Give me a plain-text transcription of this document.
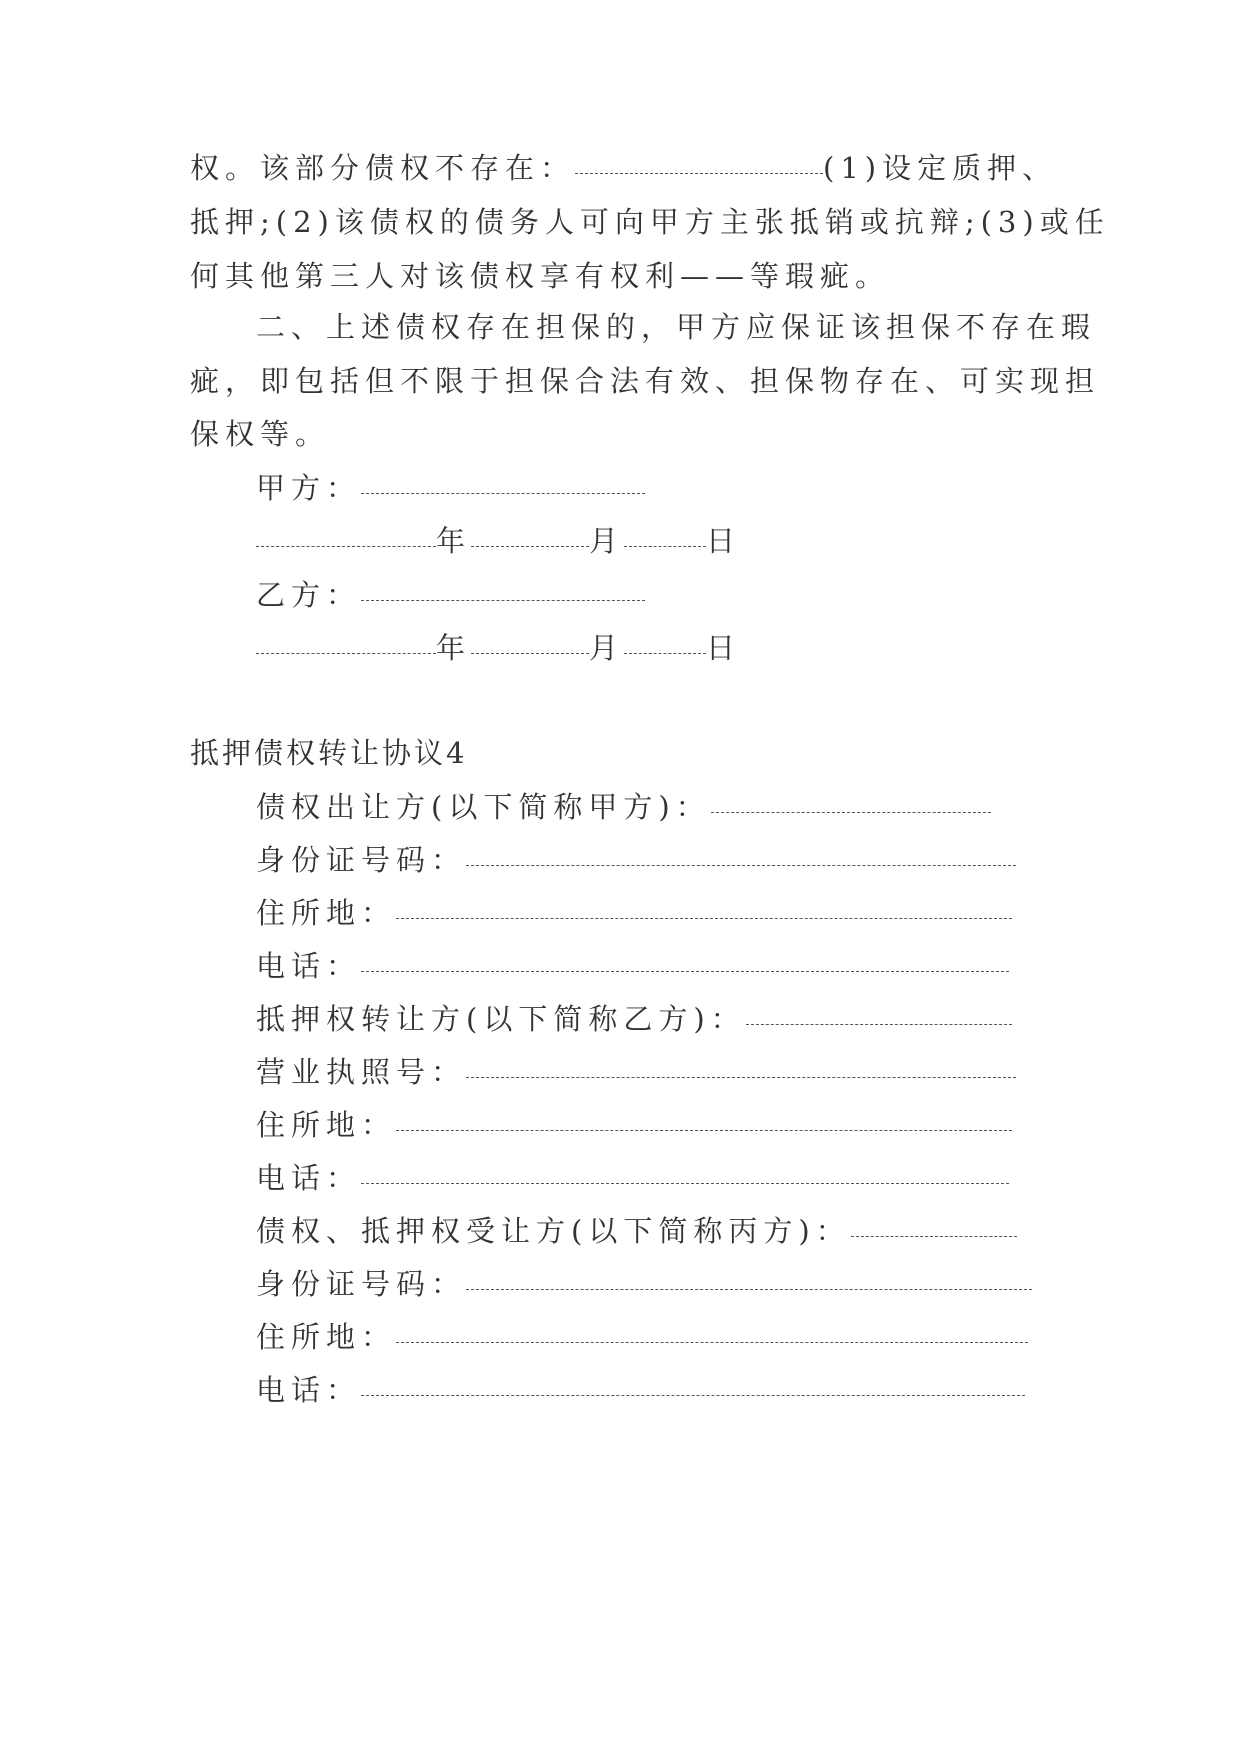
权。该部分债权不存在：	(1)设定质押、
抵押;(2)该债权的债务人可向甲方主张抵销或抗辩;(3)或任
何其他第三人对该债权享有权利——等瑕疵。
二、上述债权存在担保的，甲方应保证该担保不存在瑕
疵，即包括但不限于担保合法有效、担保物存在、可实现担
保权等。
甲方：
年	月	日
乙方：
年	月	日
抵押债权转让协议4
债权出让方(以下简称甲方)：
身份证号码：
住所地：
电话：
抵押权转让方(以下简称乙方)：
营业执照号：
住所地：
电话：
债权、抵押权受让方(以下简称丙方)：
身份证号码：
住所地：
电话：
